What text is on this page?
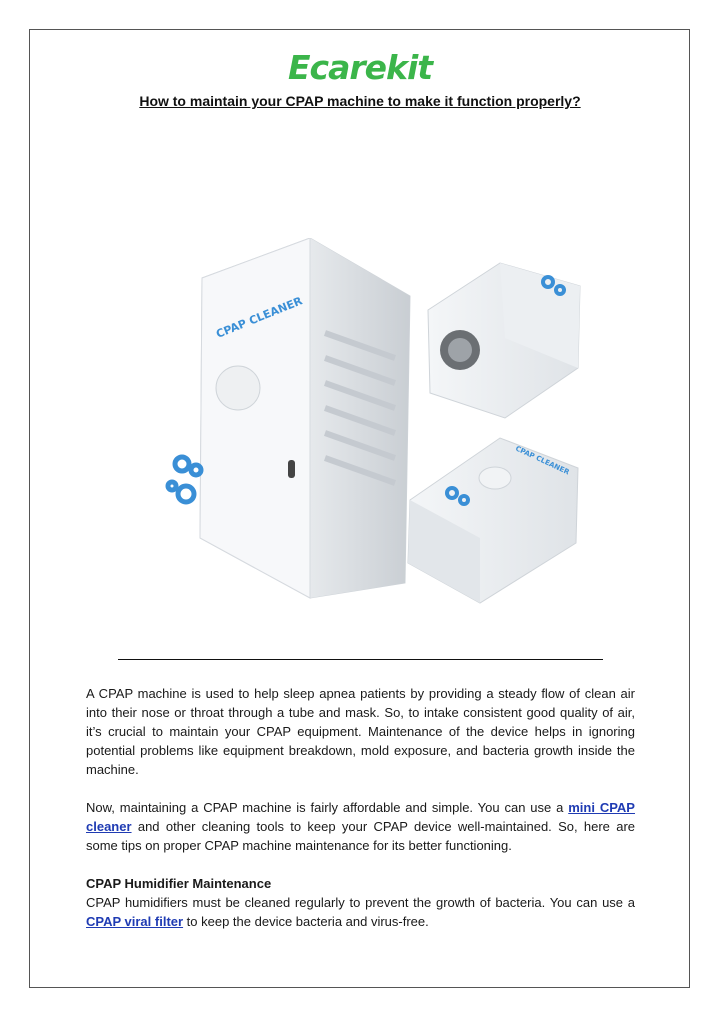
Ecarekit
How to maintain your CPAP machine to make it function properly?
CPAP CLEANER
CPAP CLEANER

A CPAP machine is used to help sleep apnea patients by providing a steady flow of clean air into their nose or throat through a tube and mask. So, to intake consistent good quality of air, it’s crucial to maintain your CPAP equipment. Maintenance of the device helps in ignoring potential problems like equipment breakdown, mold exposure, and bacteria growth inside the machine.

Now, maintaining a CPAP machine is fairly affordable and simple. You can use a mini CPAP cleaner and other cleaning tools to keep your CPAP device well-maintained. So, here are some tips on proper CPAP machine maintenance for its better functioning.

CPAP Humidifier Maintenance
CPAP humidifiers must be cleaned regularly to prevent the growth of bacteria. You can use a CPAP viral filter to keep the device bacteria and virus-free.
